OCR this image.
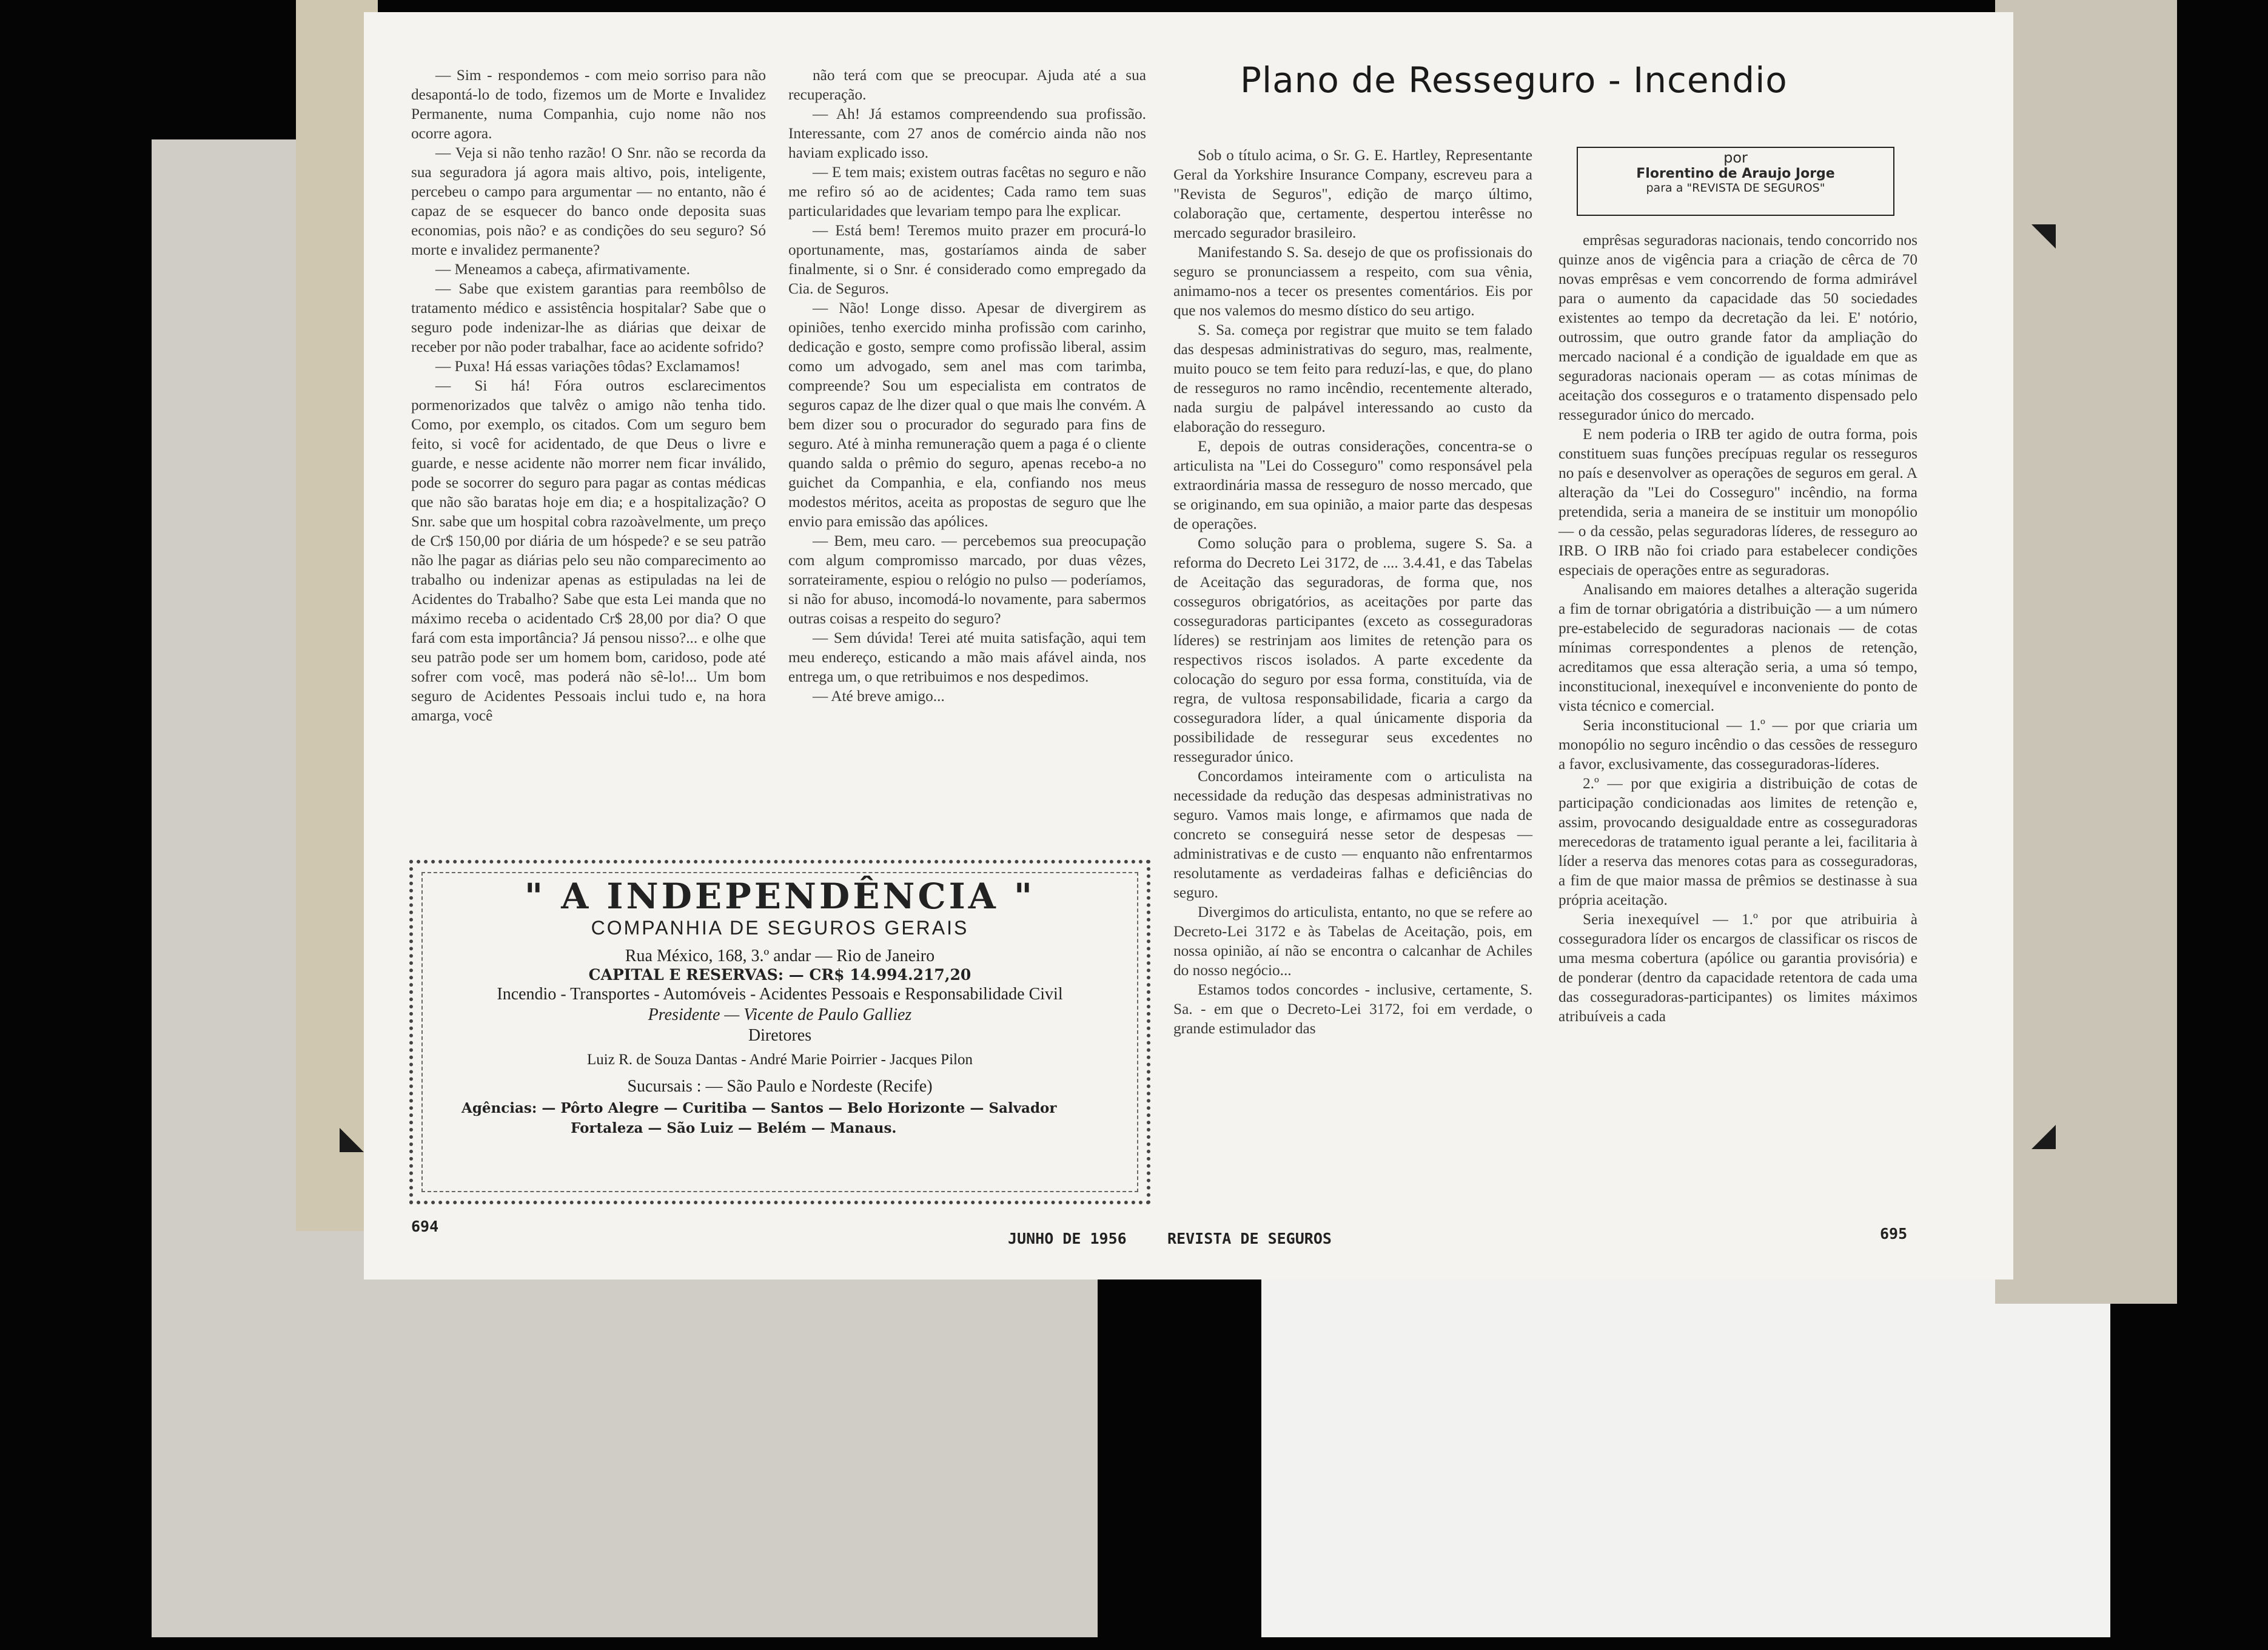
— Sim - respondemos - com meio sorriso para não desapontá-lo de todo, fizemos um de Morte e Invalidez Permanente, numa Companhia, cujo nome não nos ocorre agora.

— Veja si não tenho razão! O Snr. não se recorda da sua seguradora já agora mais altivo, pois, inteligente, percebeu o campo para argumentar — no entanto, não é capaz de se esquecer do banco onde deposita suas economias, pois não? e as condições do seu seguro? Só morte e invalidez permanente?

— Meneamos a cabeça, afirmativamente.

— Sabe que existem garantias para reembôlso de tratamento médico e assistência hospitalar? Sabe que o seguro pode indenizar-lhe as diárias que deixar de receber por não poder trabalhar, face ao acidente sofrido?

— Puxa! Há essas variações tôdas? Exclamamos!

— Si há! Fóra outros esclarecimentos pormenorizados que talvêz o amigo não tenha tido. Como, por exemplo, os citados. Com um seguro bem feito, si você for acidentado, de que Deus o livre e guarde, e nesse acidente não morrer nem ficar inválido, pode se socorrer do seguro para pagar as contas médicas que não são baratas hoje em dia; e a hospitalização? O Snr. sabe que um hospital cobra razoàvelmente, um preço de Cr$ 150,00 por diária de um hóspede? e se seu patrão não lhe pagar as diárias pelo seu não comparecimento ao trabalho ou indenizar apenas as estipuladas na lei de Acidentes do Trabalho? Sabe que esta Lei manda que no máximo receba o acidentado Cr$ 28,00 por dia? O que fará com esta importância? Já pensou nisso?... e olhe que seu patrão pode ser um homem bom, caridoso, pode até sofrer com você, mas poderá não sê-lo!... Um bom seguro de Acidentes Pessoais inclui tudo e, na hora amarga, você

não terá com que se preocupar. Ajuda até a sua recuperação.

— Ah! Já estamos compreendendo sua profissão. Interessante, com 27 anos de comércio ainda não nos haviam explicado isso.

— E tem mais; existem outras facêtas no seguro e não me refiro só ao de acidentes; Cada ramo tem suas particularidades que levariam tempo para lhe explicar.

— Está bem! Teremos muito prazer em procurá-lo oportunamente, mas, gostaríamos ainda de saber finalmente, si o Snr. é considerado como empregado da Cia. de Seguros.

— Não! Longe disso. Apesar de divergirem as opiniões, tenho exercido minha profissão com carinho, dedicação e gosto, sempre como profissão liberal, assim como um advogado, sem anel mas com tarimba, compreende? Sou um especialista em contratos de seguros capaz de lhe dizer qual o que mais lhe convém. A bem dizer sou o procurador do segurado para fins de seguro. Até à minha remuneração quem a paga é o cliente quando salda o prêmio do seguro, apenas recebo-a no guichet da Companhia, e ela, confiando nos meus modestos méritos, aceita as propostas de seguro que lhe envio para emissão das apólices.

— Bem, meu caro. — percebemos sua preocupação com algum compromisso marcado, por duas vêzes, sorrateiramente, espiou o relógio no pulso — poderíamos, si não for abuso, incomodá-lo novamente, para sabermos outras coisas a respeito do seguro?

— Sem dúvida! Terei até muita satisfação, aqui tem meu endereço, esticando a mão mais afável ainda, nos entrega um, o que retribuimos e nos despedimos.

— Até breve amigo...

" A INDEPENDÊNCIA "
COMPANHIA DE SEGUROS GERAIS
Rua México, 168, 3.º andar — Rio de Janeiro
CAPITAL E RESERVAS: — CR$ 14.994.217,20
Incendio - Transportes - Automóveis - Acidentes Pessoais e Responsabilidade Civil
Presidente — Vicente de Paulo Galliez
Diretores
Luiz R. de Souza Dantas - André Marie Poirrier - Jacques Pilon
Sucursais : — São Paulo e Nordeste (Recife)
Agências: — Pôrto Alegre — Curitiba — Santos — Belo Horizonte — Salvador
Fortaleza — São Luiz — Belém — Manaus.
694
JUNHO DE 1956
Plano de Resseguro - Incendio
por
Florentino de Araujo Jorge
para a "REVISTA DE SEGUROS"

Sob o título acima, o Sr. G. E. Hartley, Representante Geral da Yorkshire Insurance Company, escreveu para a "Revista de Seguros", edição de março último, colaboração que, certamente, despertou interêsse no mercado segurador brasileiro.

Manifestando S. Sa. desejo de que os profissionais do seguro se pronunciassem a respeito, com sua vênia, animamo-nos a tecer os presentes comentários. Eis por que nos valemos do mesmo dístico do seu artigo.

S. Sa. começa por registrar que muito se tem falado das despesas administrativas do seguro, mas, realmente, muito pouco se tem feito para reduzí-las, e que, do plano de resseguros no ramo incêndio, recentemente alterado, nada surgiu de palpável interessando ao custo da elaboração do resseguro.

E, depois de outras considerações, concentra-se o articulista na "Lei do Cosseguro" como responsável pela extraordinária massa de resseguro de nosso mercado, que se originando, em sua opinião, a maior parte das despesas de operações.

Como solução para o problema, sugere S. Sa. a reforma do Decreto Lei 3172, de .... 3.4.41, e das Tabelas de Aceitação das seguradoras, de forma que, nos cosseguros obrigatórios, as aceitações por parte das cosseguradoras participantes (exceto as cosseguradoras líderes) se restrinjam aos limites de retenção para os respectivos riscos isolados. A parte excedente da colocação do seguro por essa forma, constituída, via de regra, de vultosa responsabilidade, ficaria a cargo da cosseguradora líder, a qual únicamente disporia da possibilidade de ressegurar seus excedentes no ressegurador único.

Concordamos inteiramente com o articulista na necessidade da redução das despesas administrativas no seguro. Vamos mais longe, e afirmamos que nada de concreto se conseguirá nesse setor de despesas — administrativas e de custo — enquanto não enfrentarmos resolutamente as verdadeiras falhas e deficiências do seguro.

Divergimos do articulista, entanto, no que se refere ao Decreto-Lei 3172 e às Tabelas de Aceitação, pois, em nossa opinião, aí não se encontra o calcanhar de Achiles do nosso negócio...

Estamos todos concordes - inclusive, certamente, S. Sa. - em que o Decreto-Lei 3172, foi em verdade, o grande estimulador das

emprêsas seguradoras nacionais, tendo concorrido nos quinze anos de vigência para a criação de cêrca de 70 novas emprêsas e vem concorrendo de forma admirável para o aumento da capacidade das 50 sociedades existentes ao tempo da decretação da lei. E' notório, outrossim, que outro grande fator da ampliação do mercado nacional é a condição de igualdade em que as seguradoras nacionais operam — as cotas mínimas de aceitação dos cosseguros e o tratamento dispensado pelo ressegurador único do mercado.

E nem poderia o IRB ter agido de outra forma, pois constituem suas funções precípuas regular os resseguros no país e desenvolver as operações de seguros em geral. A alteração da "Lei do Cosseguro" incêndio, na forma pretendida, seria a maneira de se instituir um monopólio — o da cessão, pelas seguradoras líderes, de resseguro ao IRB. O IRB não foi criado para estabelecer condições especiais de operações entre as seguradoras.

Analisando em maiores detalhes a alteração sugerida a fim de tornar obrigatória a distribuição — a um número pre-estabelecido de seguradoras nacionais — de cotas mínimas correspondentes a plenos de retenção, acreditamos que essa alteração seria, a uma só tempo, inconstitucional, inexequível e inconveniente do ponto de vista técnico e comercial.

Seria inconstitucional — 1.º — por que criaria um monopólio no seguro incêndio o das cessões de resseguro a favor, exclusivamente, das cosseguradoras-líderes.

2.º — por que exigiria a distribuição de cotas de participação condicionadas aos limites de retenção e, assim, provocando desigualdade entre as cosseguradoras merecedoras de tratamento igual perante a lei, facilitaria à líder a reserva das menores cotas para as cosseguradoras, a fim de que maior massa de prêmios se destinasse à sua própria aceitação.

Seria inexequível — 1.º por que atribuiria à cosseguradora líder os encargos de classificar os riscos de uma mesma cobertura (apólice ou garantia provisória) e de ponderar (dentro da capacidade retentora de cada uma das cosseguradoras-participantes) os limites máximos atribuíveis a cada

REVISTA DE SEGUROS	695
